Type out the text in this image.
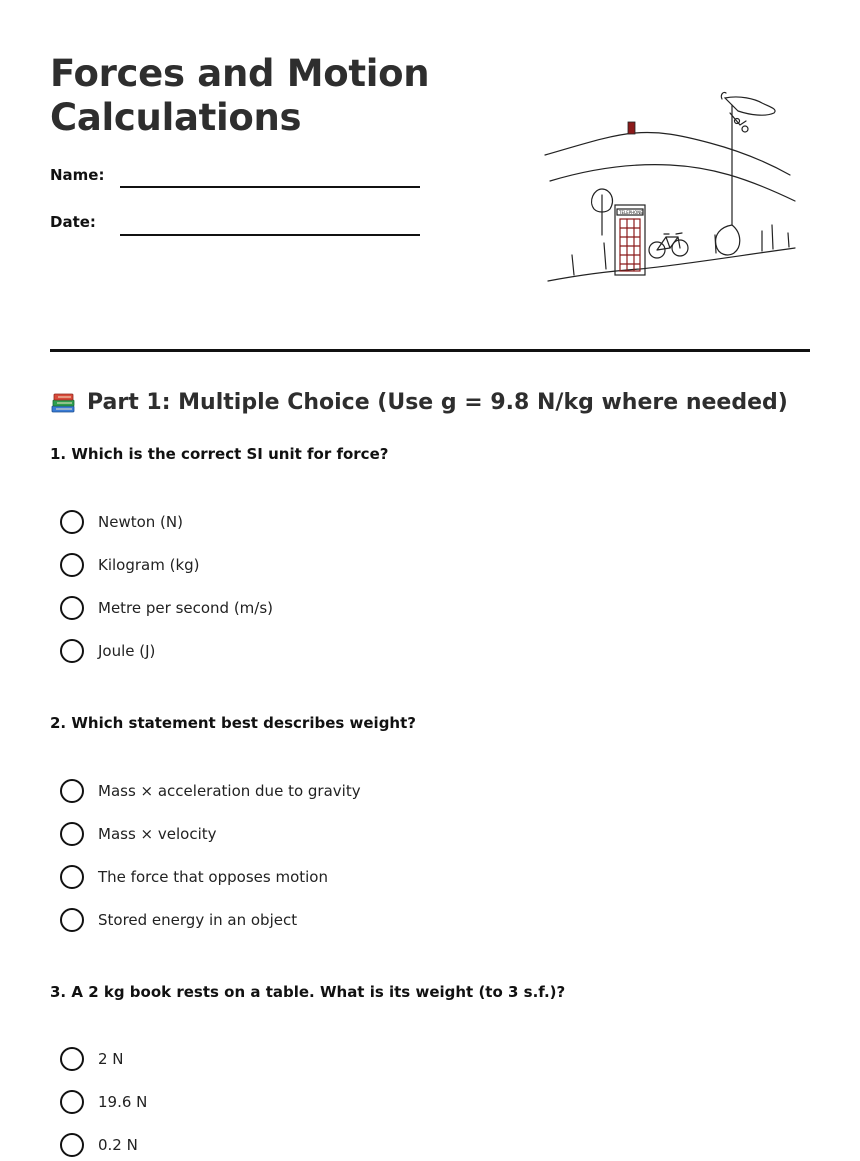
Forces and Motion
Calculations
Name:
Date:
TELEPHONE
Part 1: Multiple Choice (Use g = 9.8 N/kg where needed)

1. Which is the correct SI unit for force?

Newton (N)
Kilogram (kg)
Metre per second (m/s)
Joule (J)

2. Which statement best describes weight?

Mass × acceleration due to gravity
Mass × velocity
The force that opposes motion
Stored energy in an object

3. A 2 kg book rests on a table. What is its weight (to 3 s.f.)?

2 N
19.6 N
0.2 N
